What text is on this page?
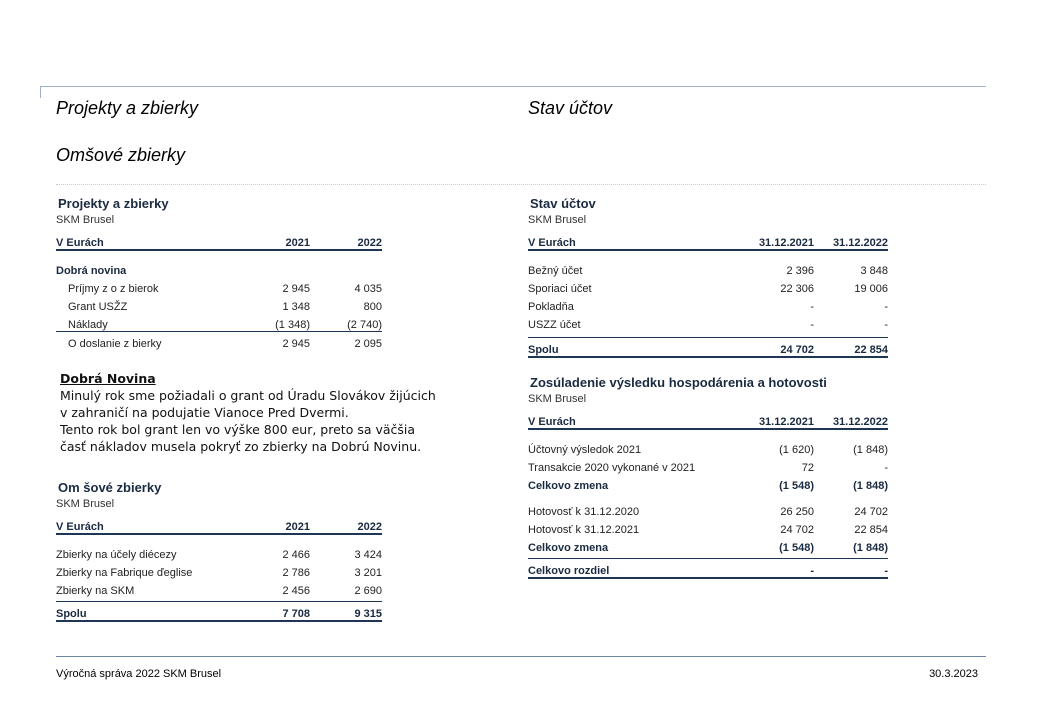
Projekty a zbierky
Omšové zbierky
Stav účtov
Projekty a zbierky
SKM Brusel
V Eurách	2021	2022
Dobrá novina
Príjmy z o z bierok	2 945	4 035
Grant USŽZ	1 348	800
Náklady	(1 348)	(2 740)
O doslanie z bierky	2 945	2 095
Dobrá Novina
Minulý rok sme požiadali o grant od Úradu Slovákov žijúcich
v zahraničí na podujatie Vianoce Pred Dvermi.
Tento rok bol grant len vo výške 800 eur, preto sa väčšia
časť nákladov musela pokryť zo zbierky na Dobrú Novinu.
Om šové zbierky
SKM Brusel
V Eurách	2021	2022
Zbierky na účely diécezy	2 466	3 424
Zbierky na Fabrique ďeglise	2 786	3 201
Zbierky na SKM	2 456	2 690
Spolu	7 708	9 315
Stav účtov
SKM Brusel
V Eurách	31.12.2021	31.12.2022
Bežný účet	2 396	3 848
Sporiaci účet	22 306	19 006
Pokladňa	-	-
USZZ účet	-	-
Spolu	24 702	22 854
Zosúladenie výsledku hospodárenia a hotovosti
SKM Brusel
V Eurách	31.12.2021	31.12.2022
Účtovný výsledok 2021	(1 620)	(1 848)
Transakcie 2020 vykonané v 2021	72	-
Celkovo zmena	(1 548)	(1 848)
Hotovosť k 31.12.2020	26 250	24 702
Hotovosť k 31.12.2021	24 702	22 854
Celkovo zmena	(1 548)	(1 848)
Celkovo rozdiel	-	-
Výročná správa 2022 SKM Brusel	30.3.2023
